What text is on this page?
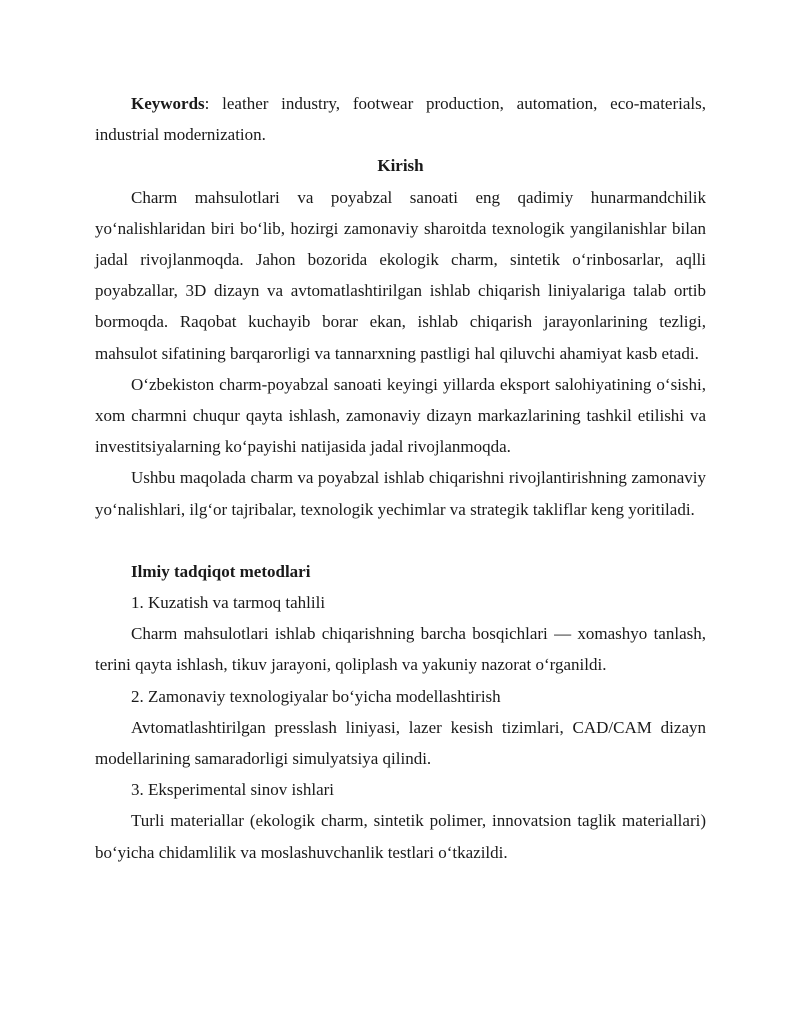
Keywords: leather industry, footwear production, automation, eco-materials, industrial modernization.

Kirish

Charm mahsulotlari va poyabzal sanoati eng qadimiy hunarmandchilik yo‘nalishlaridan biri bo‘lib, hozirgi zamonaviy sharoitda texnologik yangilanishlar bilan jadal rivojlanmoqda. Jahon bozorida ekologik charm, sintetik o‘rinbosarlar, aqlli poyabzallar, 3D dizayn va avtomatlashtirilgan ishlab chiqarish liniyalariga talab ortib bormoqda. Raqobat kuchayib borar ekan, ishlab chiqarish jarayonlarining tezligi, mahsulot sifatining barqarorligi va tannarxning pastligi hal qiluvchi ahamiyat kasb etadi.

O‘zbekiston charm-poyabzal sanoati keyingi yillarda eksport salohiyatining o‘sishi, xom charmni chuqur qayta ishlash, zamonaviy dizayn markazlarining tashkil etilishi va investitsiyalarning ko‘payishi natijasida jadal rivojlanmoqda.

Ushbu maqolada charm va poyabzal ishlab chiqarishni rivojlantirishning zamonaviy yo‘nalishlari, ilg‘or tajribalar, texnologik yechimlar va strategik takliflar keng yoritiladi.

Ilmiy tadqiqot metodlari

1. Kuzatish va tarmoq tahlili

Charm mahsulotlari ishlab chiqarishning barcha bosqichlari — xomashyo tanlash, terini qayta ishlash, tikuv jarayoni, qoliplash va yakuniy nazorat o‘rganildi.

2. Zamonaviy texnologiyalar bo‘yicha modellashtirish

Avtomatlashtirilgan presslash liniyasi, lazer kesish tizimlari, CAD/CAM dizayn modellarining samaradorligi simulyatsiya qilindi.

3. Eksperimental sinov ishlari

Turli materiallar (ekologik charm, sintetik polimer, innovatsion taglik materiallari) bo‘yicha chidamlilik va moslashuvchanlik testlari o‘tkazildi.
